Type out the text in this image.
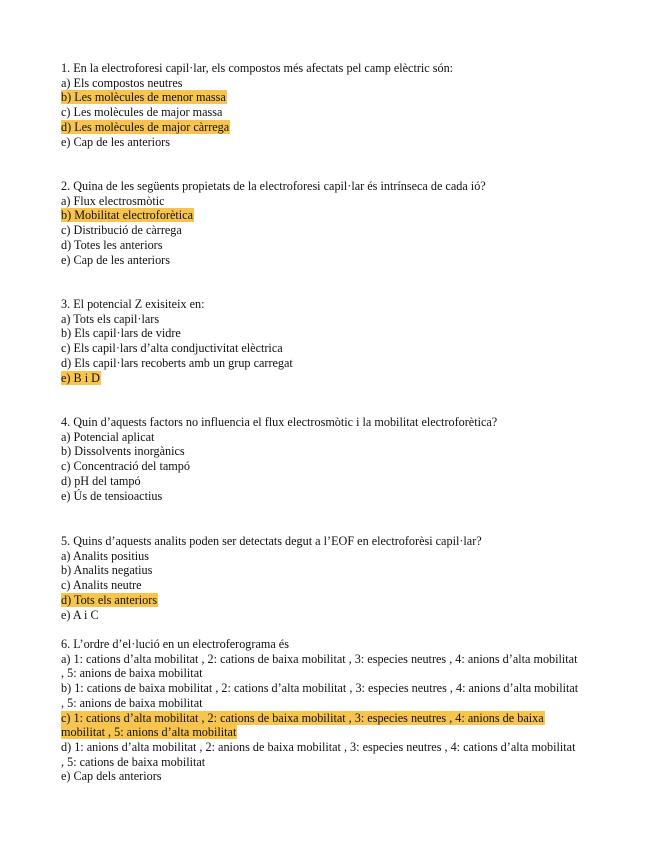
1. En la electroforesi capil·lar, els compostos més afectats pel camp elèctric són:
a) Els compostos neutres
b) Les molècules de menor massa
c) Les molècules de major massa
d) Les molècules de major càrrega
e) Cap de les anteriors
2. Quina de les següents propietats de la electroforesi capil·lar és intrínseca de cada ió?
a) Flux electrosmòtic
b) Mobilitat electroforètica
c) Distribució de càrrega
d) Totes les anteriors
e) Cap de les anteriors
3. El potencial Z exisiteix en:
a) Tots els capil·lars
b) Els capil·lars de vidre
c) Els capil·lars d’alta condjuctivitat elèctrica
d) Els capil·lars recoberts amb un grup carregat
e) B i D
4. Quin d’aquests factors no influencia el flux electrosmòtic i la mobilitat electroforètica?
a) Potencial aplicat
b) Dissolvents inorgànics
c) Concentració del tampó
d) pH del tampó
e) Ús de tensioactius
5. Quins d’aquests analits poden ser detectats degut a l’EOF en electroforèsi capil·lar?
a) Analits positius
b) Analits negatius
c) Analits neutre
d) Tots els anteriors
e) A i C
6. L’ordre d’el·lució en un electroferograma és
a) 1: cations d’alta mobilitat , 2: cations de baixa mobilitat , 3: especies neutres , 4: anions d’alta mobilitat , 5: anions de baixa mobilitat
b) 1: cations de baixa mobilitat , 2: cations d’alta mobilitat , 3: especies neutres , 4: anions d’alta mobilitat , 5: anions de baixa mobilitat
c) 1: cations d’alta mobilitat , 2: cations de baixa mobilitat , 3: especies neutres , 4: anions de baixa mobilitat , 5: anions d’alta mobilitat
d) 1: anions d’alta mobilitat , 2: anions de baixa mobilitat , 3: especies neutres , 4: cations d’alta mobilitat , 5: cations de baixa mobilitat
e) Cap dels anteriors
